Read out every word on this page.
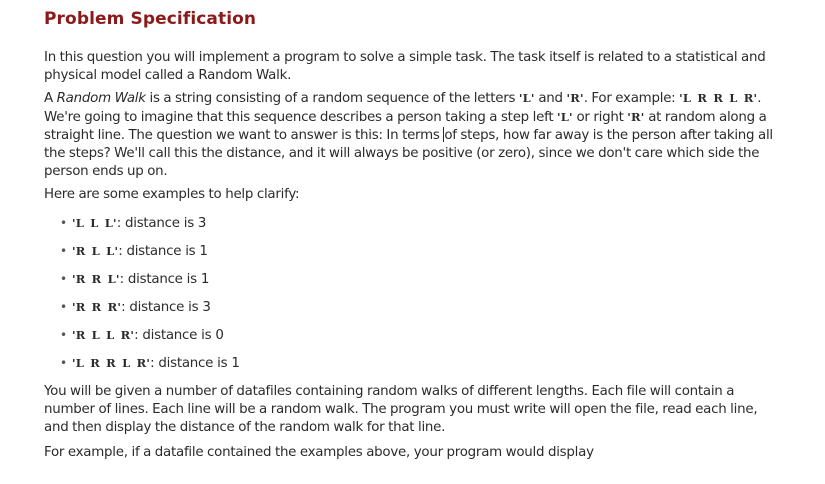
Problem Specification

In this question you will implement a program to solve a simple task. The task itself is related to a statistical and physical model called a Random Walk.

A Random Walk is a string consisting of a random sequence of the letters 'L' and 'R'. For example: 'L R R L R'. We're going to imagine that this sequence describes a person taking a step left 'L' or right 'R' at random along a straight line. The question we want to answer is this: In terms of steps, how far away is the person after taking all the steps? We'll call this the distance, and it will always be positive (or zero), since we don't care which side the person ends up on.

Here are some examples to help clarify:

• 'L L L': distance is 3
• 'R L L': distance is 1
• 'R R L': distance is 1
• 'R R R': distance is 3
• 'R L L R': distance is 0
• 'L R R L R': distance is 1

You will be given a number of datafiles containing random walks of different lengths. Each file will contain a number of lines. Each line will be a random walk. The program you must write will open the file, read each line, and then display the distance of the random walk for that line.

For example, if a datafile contained the examples above, your program would display
